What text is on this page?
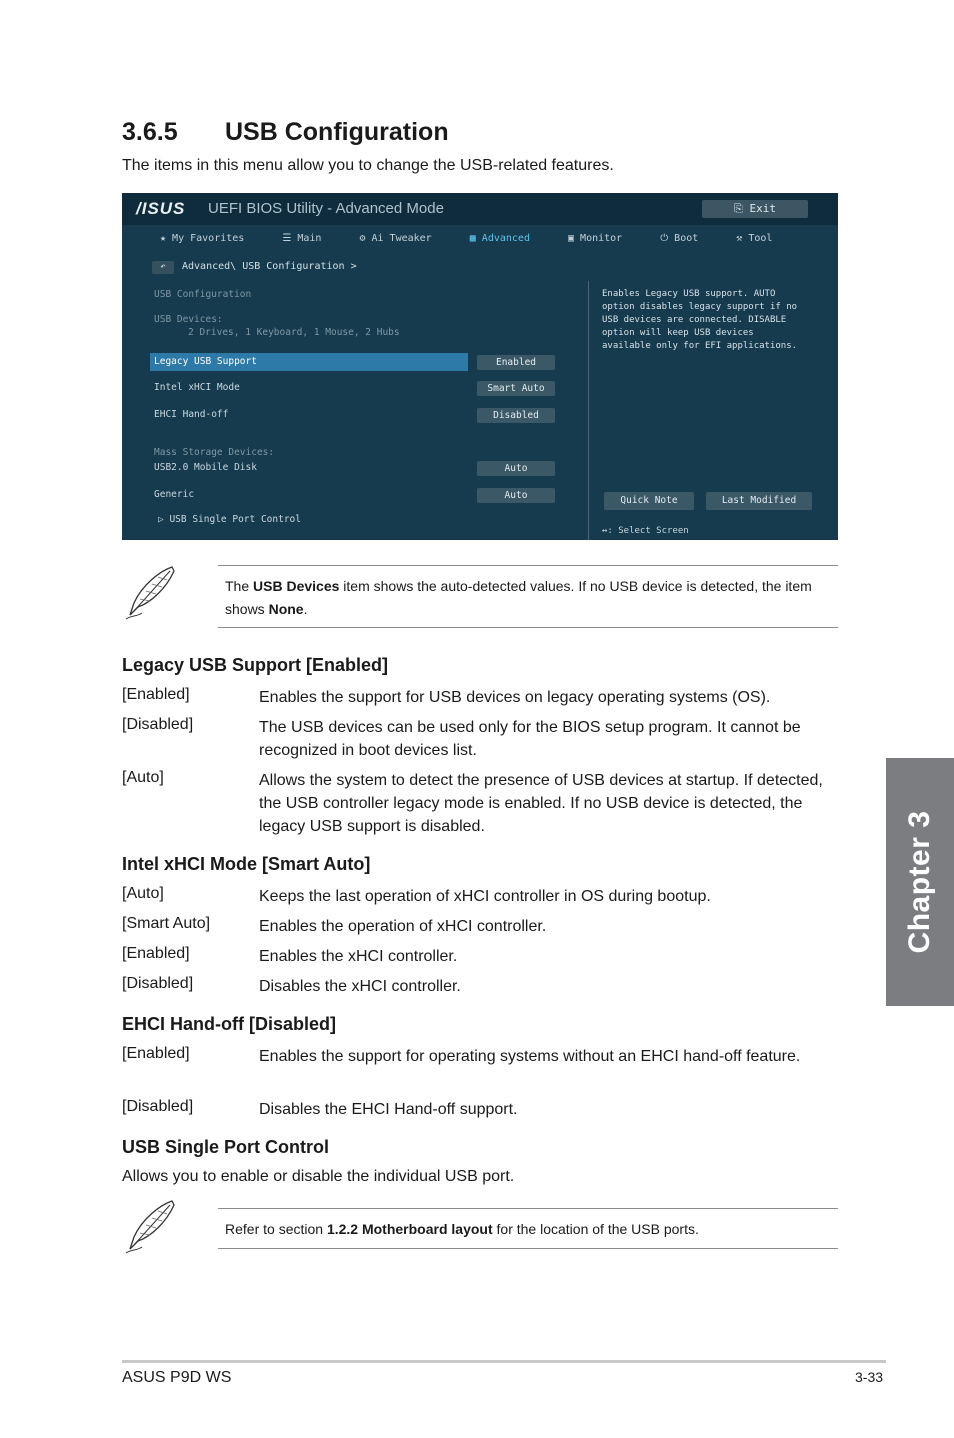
3.6.5 USB Configuration
The items in this menu allow you to change the USB-related features.
/ISUS UEFI BIOS Utility - Advanced Mode	⎘ Exit
★ My Favorites	☰ Main	⚙ Ai Tweaker	▩ Advanced	▣ Monitor	⏻ Boot	⚒ Tool
↶ Advanced\ USB Configuration >
USB Configuration
USB Devices:
2 Drives, 1 Keyboard, 1 Mouse, 2 Hubs
Legacy USB Support	Enabled
Intel xHCI Mode	Smart Auto
EHCI Hand-off	Disabled
Mass Storage Devices:
USB2.0 Mobile Disk	Auto
Generic	Auto
▷ USB Single Port Control
Enables Legacy USB support. AUTO
option disables legacy support if no
USB devices are connected. DISABLE
option will keep USB devices
available only for EFI applications.
Quick Note	Last Modified
↔: Select Screen
The USB Devices item shows the auto-detected values. If no USB device is detected, the item shows None.
Legacy USB Support [Enabled]
[Enabled]	Enables the support for USB devices on legacy operating systems (OS).
[Disabled]	The USB devices can be used only for the BIOS setup program. It cannot be recognized in boot devices list.
[Auto]	Allows the system to detect the presence of USB devices at startup. If detected, the USB controller legacy mode is enabled. If no USB device is detected, the legacy USB support is disabled.
Intel xHCI Mode [Smart Auto]
[Auto]	Keeps the last operation of xHCI controller in OS during bootup.
[Smart Auto]	Enables the operation of xHCI controller.
[Enabled]	Enables the xHCI controller.
[Disabled]	Disables the xHCI controller.
EHCI Hand-off [Disabled]
[Enabled]	Enables the support for operating systems without an EHCI hand-off feature.
[Disabled]	Disables the EHCI Hand-off support.
USB Single Port Control
Allows you to enable or disable the individual USB port.
Refer to section 1.2.2 Motherboard layout for the location of the USB ports.
Chapter 3
ASUS P9D WS	3-33
